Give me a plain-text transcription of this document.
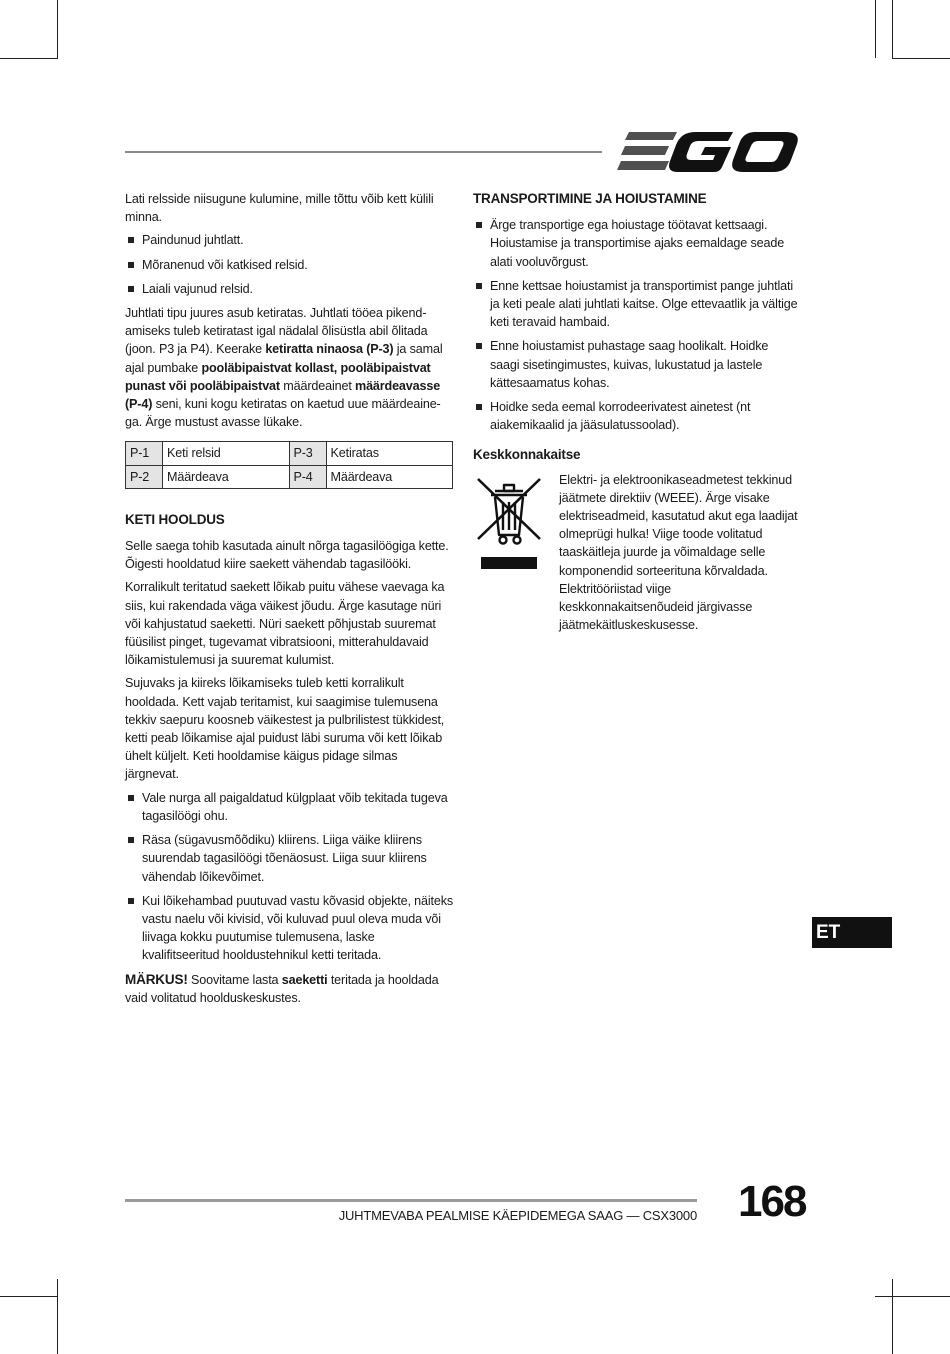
Lati relsside niisugune kulumine, mille tõttu võib kett külili minna.

Paindunud juhtlatt.
Mõranenud või katkised relsid.
Laiali vajunud relsid.

Juhtlati tipu juures asub ketiratas. Juhtlati tööea pikendamiseks tuleb ketiratast igal nädalal õlisüstla abil õlitada (joon. P3 ja P4). Keerake ketiratta ninaosa (P-3) ja samal ajal pumbake pooläbipaistvat kollast, pooläbipaistvat punast või pooläbipaistvat määrdeainet määrdeavasse (P-4) seni, kuni kogu ketiratas on kaetud uue määrdeainega. Ärge mustust avasse lükake.

P-1	Keti relsid	P-3	Ketiratas
P-2	Määrdeava	P-4	Määrdeava
KETI HOOLDUS

Selle saega tohib kasutada ainult nõrga tagasilöögiga kette. Õigesti hooldatud kiire saekett vähendab tagasilööki.

Korralikult teritatud saekett lõikab puitu vähese vaevaga ka siis, kui rakendada väga väikest jõudu. Ärge kasutage nüri või kahjustatud saeketti. Nüri saekett põhjustab suuremat füüsilist pinget, tugevamat vibratsiooni, mitterahuldavaid lõikamistulemusi ja suuremat kulumist.

Sujuvaks ja kiireks lõikamiseks tuleb ketti korralikult hooldada. Kett vajab teritamist, kui saagimise tulemusena tekkiv saepuru koosneb väikestest ja pulbrilistest tükkidest, ketti peab lõikamise ajal puidust läbi suruma või kett lõikab ühelt küljelt. Keti hooldamise käigus pidage silmas järgnevat.

Vale nurga all paigaldatud külgplaat võib tekitada tugeva tagasilöögi ohu.
Räsa (sügavusmõõdiku) kliirens. Liiga väike kliirens suurendab tagasilöögi tõenäosust. Liiga suur kliirens vähendab lõikevõimet.
Kui lõikehambad puutuvad vastu kõvasid objekte, näiteks vastu naelu või kivisid, või kuluvad puul oleva muda või liivaga kokku puutumise tulemusena, laske kvalifitseeritud hooldustehnikul ketti teritada.

MÄRKUS! Soovitame lasta saeketti teritada ja hooldada vaid volitatud hoolduskeskustes.

TRANSPORTIMINE JA HOIUSTAMINE
Ärge transportige ega hoiustage töötavat kettsaagi. Hoiustamise ja transportimise ajaks eemaldage seade alati vooluvõrgust.
Enne kettsae hoiustamist ja transportimist pange juhtlati ja keti peale alati juhtlati kaitse. Olge ettevaatlik ja vältige keti teravaid hambaid.
Enne hoiustamist puhastage saag hoolikalt. Hoidke saagi sisetingimustes, kuivas, lukustatud ja lastele kättesaamatus kohas.
Hoidke seda eemal korrodeerivatest ainetest (nt aiakemikaalid ja jääsulatussoolad).
Keskkonnakaitse
Elektri- ja elektroonikaseadmetest tekkinud jäätmete direktiiv (WEEE). Ärge visake elektriseadmeid, kasutatud akut ega laadijat olmeprügi hulka! Viige toode volitatud taaskäitleja juurde ja võimaldage selle komponendid sorteerituna kõrvaldada. Elektritööriistad viige keskkonnakaitsenõudeid järgivasse jäätmekäitluskeskusesse.
ET
JUHTMEVABA PEALMISE KÄEPIDEMEGA SAAG — CSX3000 168
